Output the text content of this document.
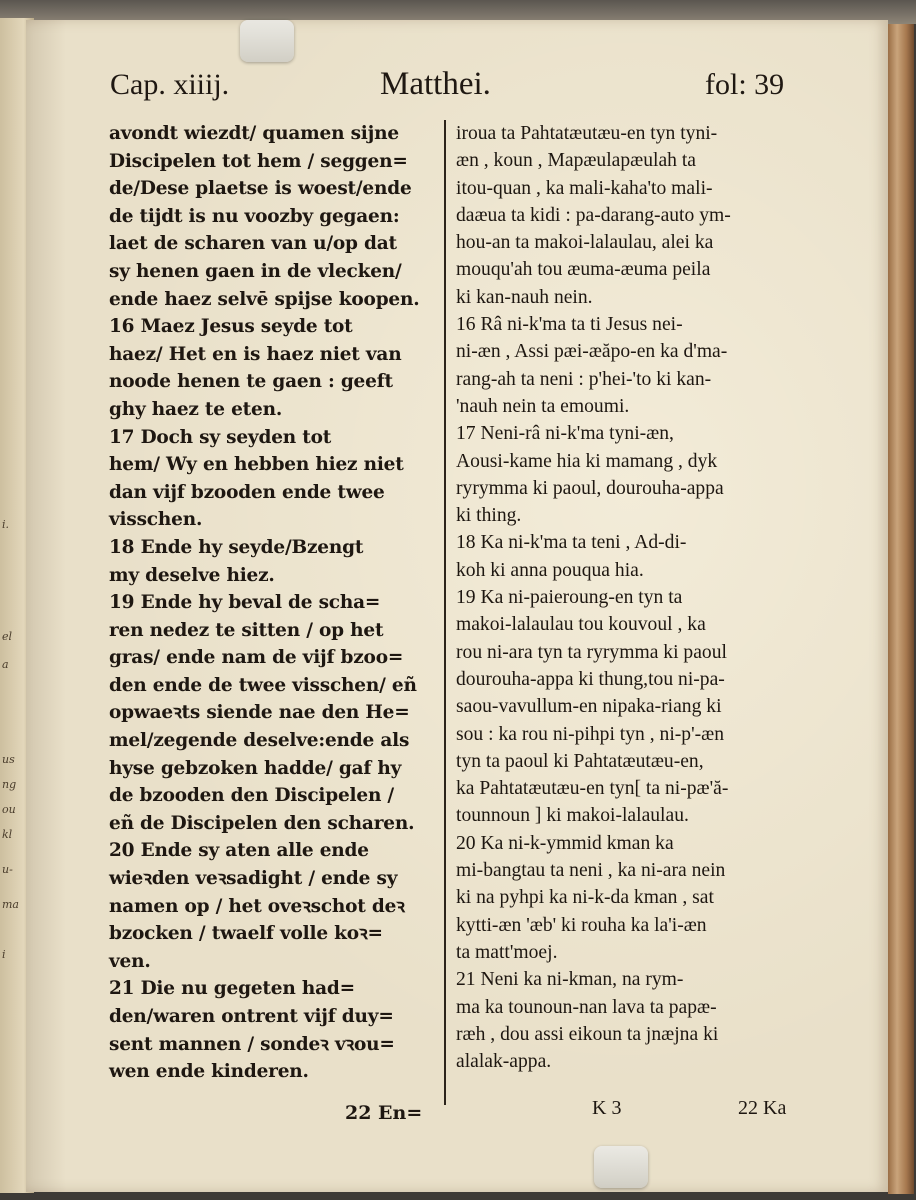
i.
el
a
us
ng
ou
kl
u-
ma
i
Cap. xiiij.	Matthei.	fol: 39
avondt wiezdt/ quamen sijne
Discipelen tot hem / seggen=
de/Dese plaetse is woest/ende
de tijdt is nu voozby gegaen:
laet de scharen van u/op dat
sy henen gaen in de vlecken/
ende haez selvē spijse koopen.
16 Maez Jesus seyde tot
haez/ Het en is haez niet van
noode henen te gaen : geeft
ghy haez te eten.
17 Doch sy seyden tot
hem/ Wy en hebben hiez niet
dan vijf bzooden ende twee
visschen.
18 Ende hy seyde/Bzengt
my deselve hiez.
19 Ende hy beval de scha=
ren nedez te sitten / op het
gras/ ende nam de vijf bzoo=
den ende de twee visschen/ eñ
opwaeꝛts siende nae den He=
mel/zegende deselve:ende als
hyse gebzoken hadde/ gaf hy
de bzooden den Discipelen /
eñ de Discipelen den scharen.
20 Ende sy aten alle ende
wieꝛden veꝛsadight / ende sy
namen op / het oveꝛschot deꝛ
bzocken / twaelf volle koꝛ=
ven.
21 Die nu gegeten had=
den/waren ontrent vijf duy=
sent mannen / sondeꝛ vꝛou=
wen ende kinderen.
iroua ta Pahtatæutæu-en tyn tyni-
æn , koun , Mapæulapæulah ta
itou-quan , ka mali-kaha'to mali-
daæua ta kidi : pa-darang-auto ym-
hou-an ta makoi-lalaulau, alei ka
mouqu'ah tou æuma-æuma peila
ki kan-nauh nein.
16 Râ ni-k'ma ta ti Jesus nei-
ni-æn , Assi pæi-æăpo-en ka d'ma-
rang-ah ta neni : p'hei-'to ki kan-
'nauh nein ta emoumi.
17 Neni-râ ni-k'ma tyni-æn,
Aousi-kame hia ki mamang , dyk
ryrymma ki paoul, dourouha-appa
ki thing.
18 Ka ni-k'ma ta teni , Ad-di-
koh ki anna pouqua hia.
19 Ka ni-paieroung-en tyn ta
makoi-lalaulau tou kouvoul , ka
rou ni-ara tyn ta ryrymma ki paoul
dourouha-appa ki thung,tou ni-pa-
saou-vavullum-en nipaka-riang ki
sou : ka rou ni-pihpi tyn , ni-p'-æn
tyn ta paoul ki Pahtatæutæu-en,
ka Pahtatæutæu-en tyn[ ta ni-pæ'ă-
tounnoun ] ki makoi-lalaulau.
20 Ka ni-k-ymmid kman ka
mi-bangtau ta neni , ka ni-ara nein
ki na pyhpi ka ni-k-da kman , sat
kytti-æn 'æb' ki rouha ka la'i-æn
ta matt'moej.
21 Neni ka ni-kman, na rym-
ma ka tounoun-nan lava ta papæ-
ræh , dou assi eikoun ta jnæjna ki
alalak-appa.
22 En=	K 3	22 Ka
